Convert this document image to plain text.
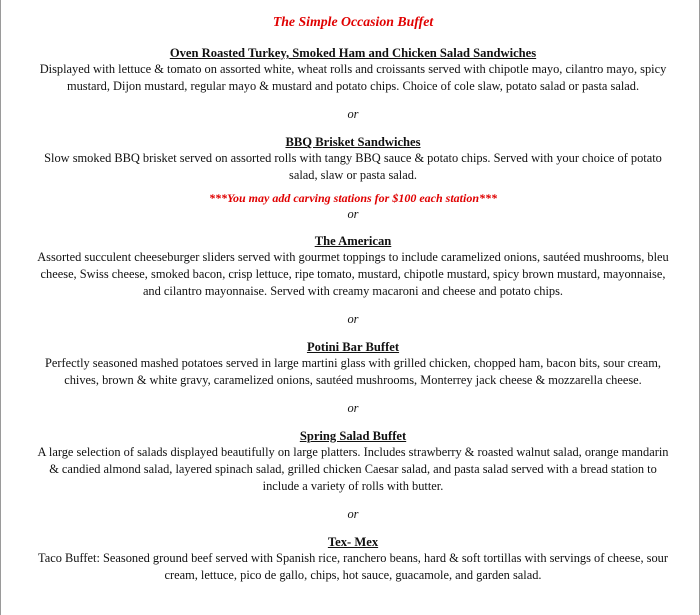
The Simple Occasion Buffet
Oven Roasted Turkey, Smoked Ham and Chicken Salad Sandwiches
Displayed with lettuce & tomato on assorted white, wheat rolls and croissants served with chipotle mayo, cilantro mayo, spicy mustard, Dijon mustard, regular mayo & mustard and potato chips. Choice of cole slaw, potato salad or pasta salad.
or
BBQ Brisket Sandwiches
Slow smoked BBQ brisket served on assorted rolls with tangy BBQ sauce & potato chips. Served with your choice of potato salad, slaw or pasta salad.
***You may add carving stations for $100 each station***
or
The American
Assorted succulent cheeseburger sliders served with gourmet toppings to include caramelized onions, sautéed mushrooms, bleu cheese, Swiss cheese, smoked bacon, crisp lettuce, ripe tomato, mustard, chipotle mustard, spicy brown mustard, mayonnaise, and cilantro mayonnaise. Served with creamy macaroni and cheese and potato chips.
or
Potini Bar Buffet
Perfectly seasoned mashed potatoes served in large martini glass with grilled chicken, chopped ham, bacon bits, sour cream, chives, brown & white gravy, caramelized onions, sautéed mushrooms, Monterrey jack cheese & mozzarella cheese.
or
Spring Salad Buffet
A large selection of salads displayed beautifully on large platters. Includes strawberry & roasted walnut salad, orange mandarin & candied almond salad, layered spinach salad, grilled chicken Caesar salad, and pasta salad served with a bread station to include a variety of rolls with butter.
or
Tex- Mex
Taco Buffet: Seasoned ground beef served with Spanish rice, ranchero beans, hard & soft tortillas with servings of cheese, sour cream, lettuce, pico de gallo, chips, hot sauce, guacamole, and garden salad.
